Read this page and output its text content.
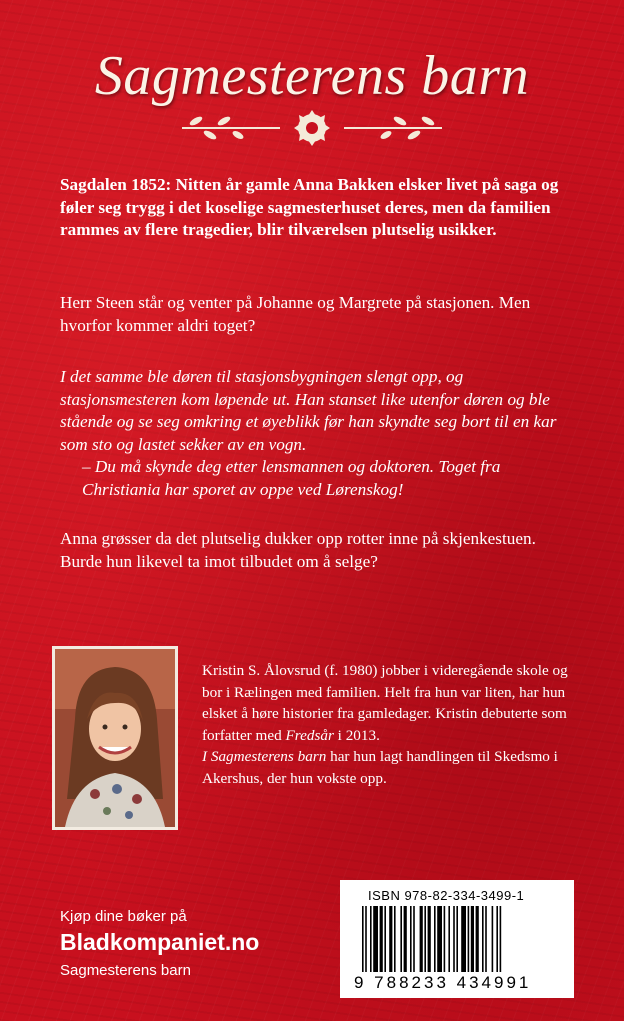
Sagmesterens barn
Sagdalen 1852: Nitten år gamle Anna Bakken elsker livet på saga og føler seg trygg i det koselige sagmesterhuset deres, men da familien rammes av flere tragedier, blir tilværelsen plutselig usikker.
Herr Steen står og venter på Johanne og Margrete på stasjonen. Men hvorfor kommer aldri toget?
I det samme ble døren til stasjonsbygningen slengt opp, og stasjonsmesteren kom løpende ut. Han stanset like utenfor døren og ble stående og se seg omkring et øyeblikk før han skyndte seg bort til en kar som sto og lastet sekker av en vogn.
– Du må skynde deg etter lensmannen og doktoren. Toget fra Christiania har sporet av oppe ved Lørenskog!
Anna grøsser da det plutselig dukker opp rotter inne på skjenkestuen. Burde hun likevel ta imot tilbudet om å selge?
Kristin S. Ålovsrud (f. 1980) jobber i videregående skole og bor i Rælingen med familien. Helt fra hun var liten, har hun elsket å høre historier fra gamledager. Kristin debuterte som forfatter med Fredsår i 2013.
I Sagmesterens barn har hun lagt handlingen til Skedsmo i Akershus, der hun vokste opp.
Kjøp dine bøker på
Bladkompaniet.no
Sagmesterens barn
ISBN 978-82-334-3499-1
9 788233 434991
